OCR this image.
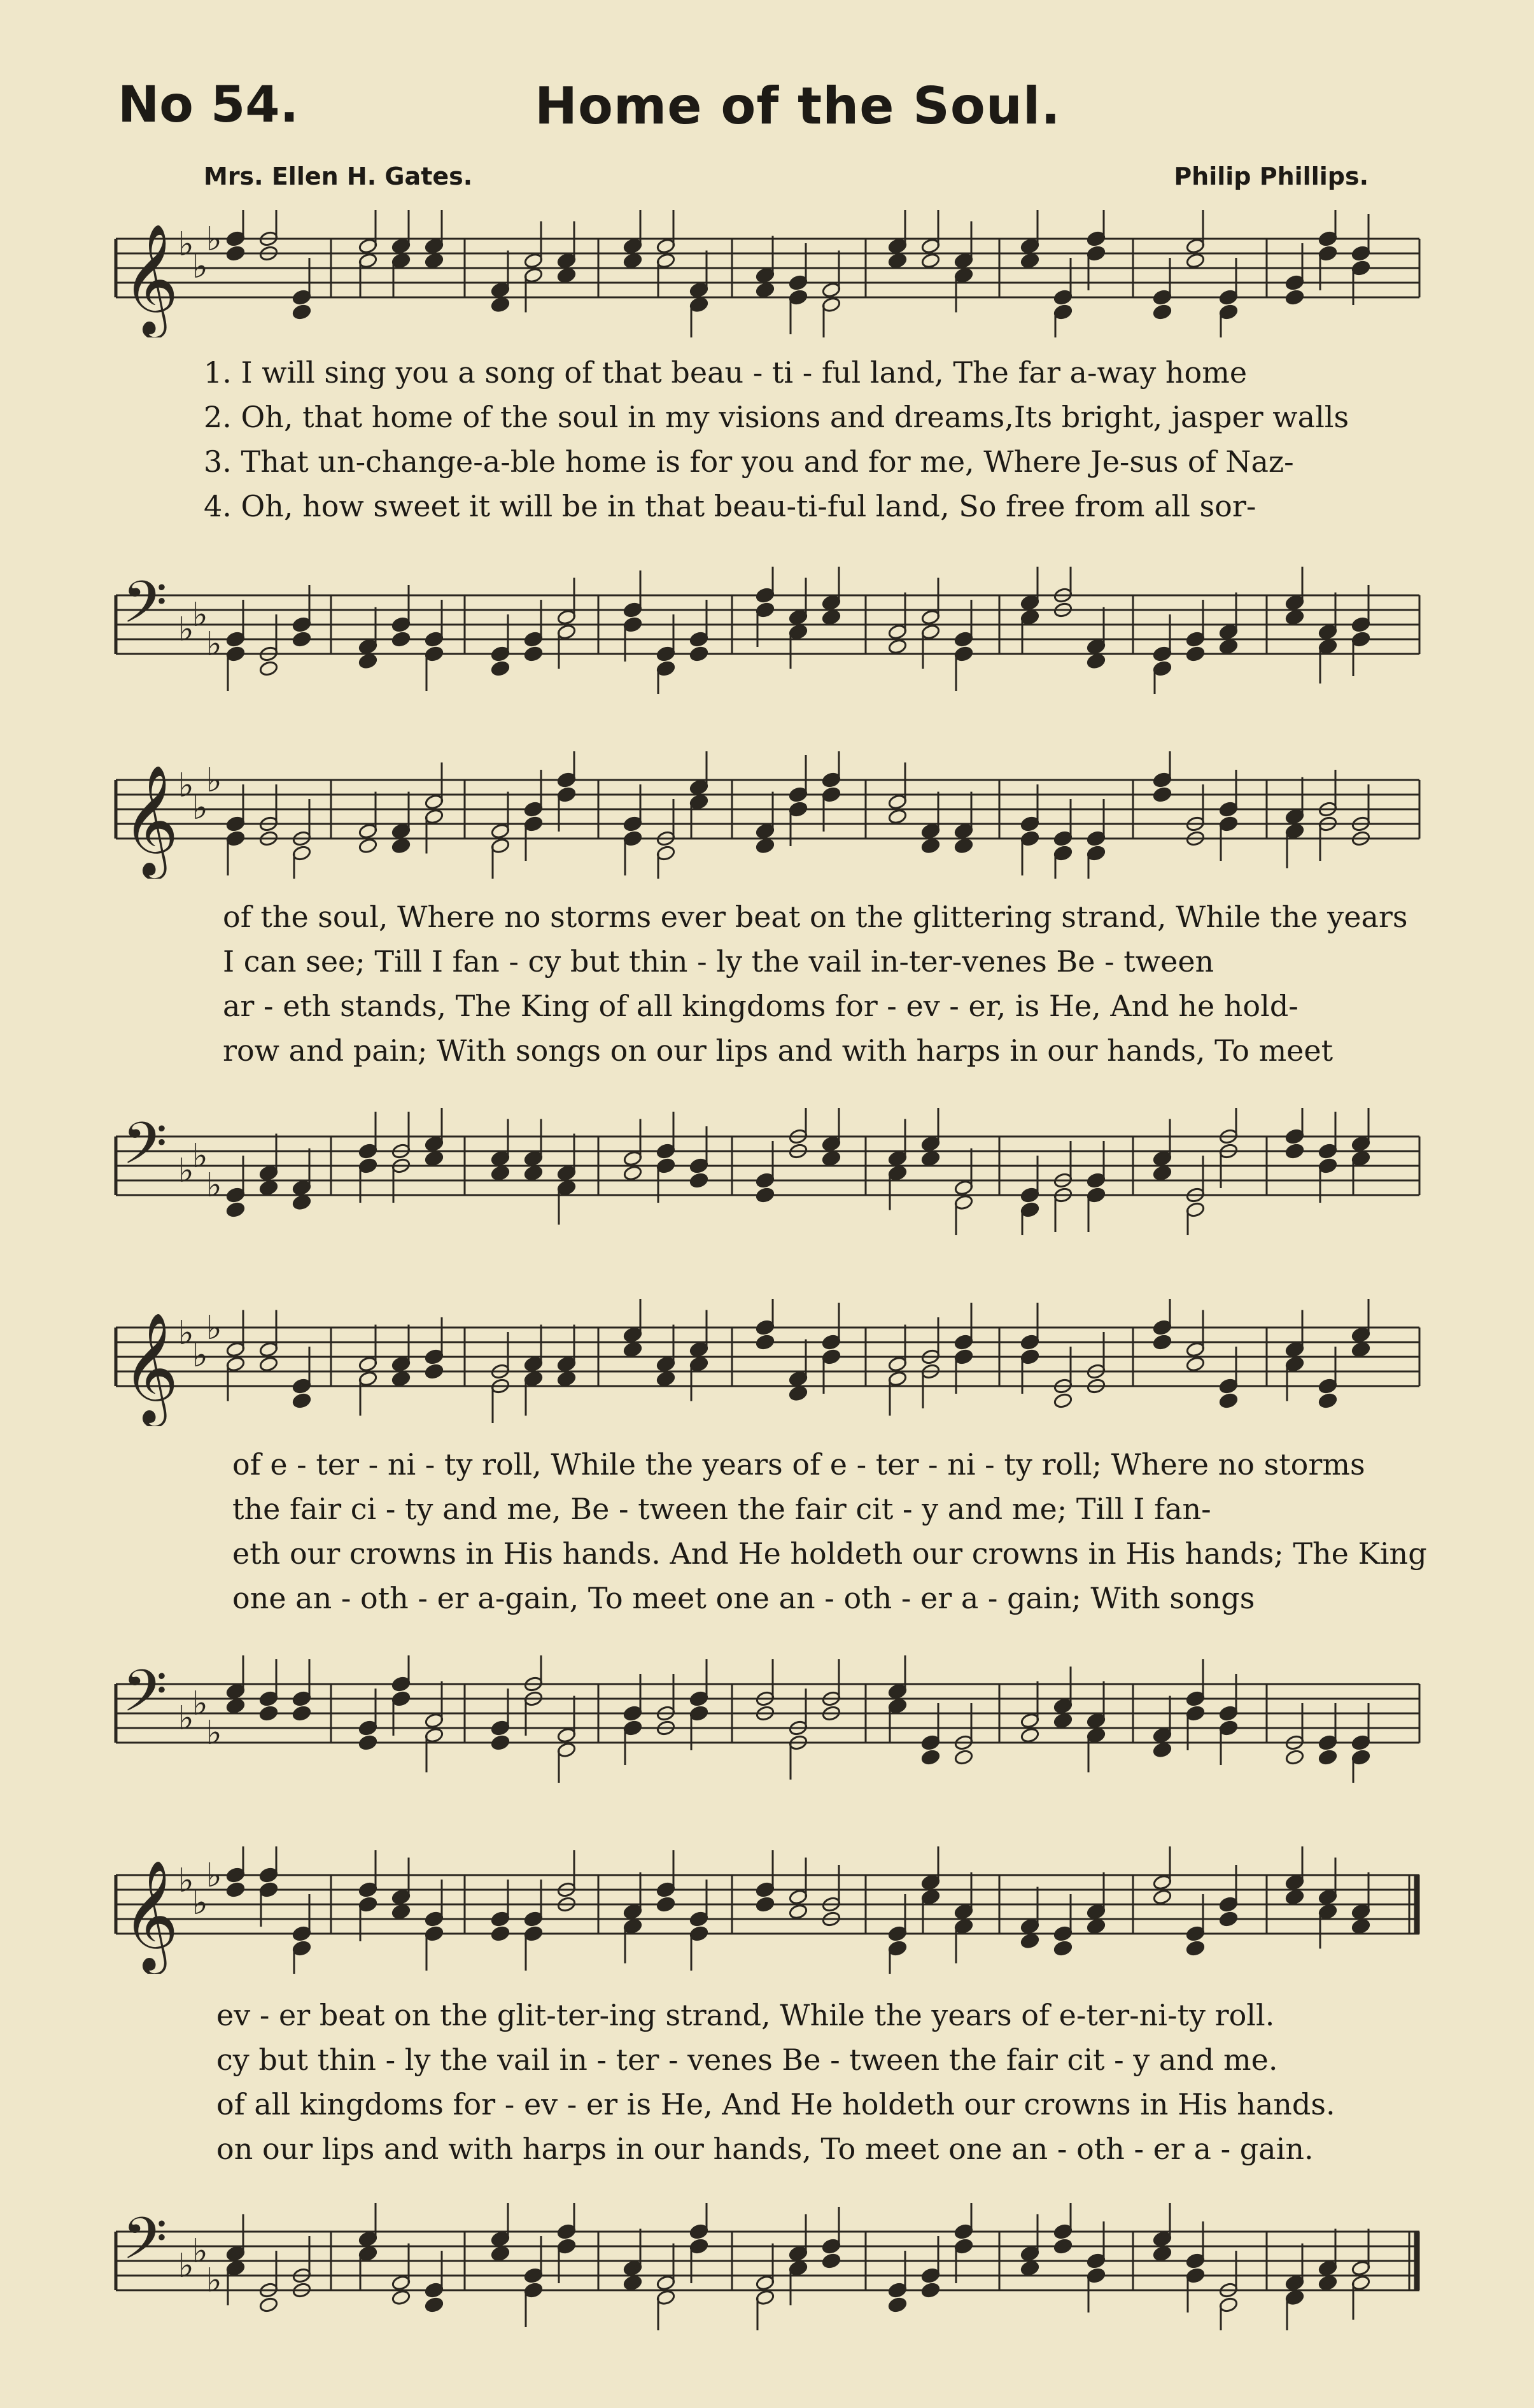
No 54.	Home of the Soul.
Mrs. Ellen H. Gates.	Philip Phillips.
𝄞 ♭
♭
♭
1. I will sing you a song of that beau - ti - ful land, The far a-way home
2. Oh, that home of the soul in my visions and dreams,Its bright, jasper walls
3. That un-change-a-ble home is for you and for me, Where Je-sus of Naz-
4. Oh, how sweet it will be in that beau-ti-ful land, So free from all sor-
𝄢 ♭
♭
♭
𝄞 ♭
♭
♭
of the soul, Where no storms ever beat on the glittering strand, While the years
I can see; Till I fan - cy but thin - ly the vail in-ter-venes Be - tween
ar - eth stands, The King of all kingdoms for - ev - er, is He, And he hold-
row and pain; With songs on our lips and with harps in our hands, To meet
𝄢 ♭
♭
♭
𝄞 ♭
♭
♭
of e - ter - ni - ty roll, While the years of e - ter - ni - ty roll; Where no storms
the fair ci - ty and me, Be - tween the fair cit - y and me; Till I fan-
eth our crowns in His hands. And He holdeth our crowns in His hands; The King
one an - oth - er a-gain, To meet one an - oth - er a - gain; With songs
𝄢 ♭
♭
♭
𝄞 ♭
♭
♭
ev - er beat on the glit-ter-ing strand, While the years of e-ter-ni-ty roll.
cy but thin - ly the vail in - ter - venes Be - tween the fair cit - y and me.
of all kingdoms for - ev - er is He, And He holdeth our crowns in His hands.
on our lips and with harps in our hands, To meet one an - oth - er a - gain.
𝄢 ♭
♭
♭
